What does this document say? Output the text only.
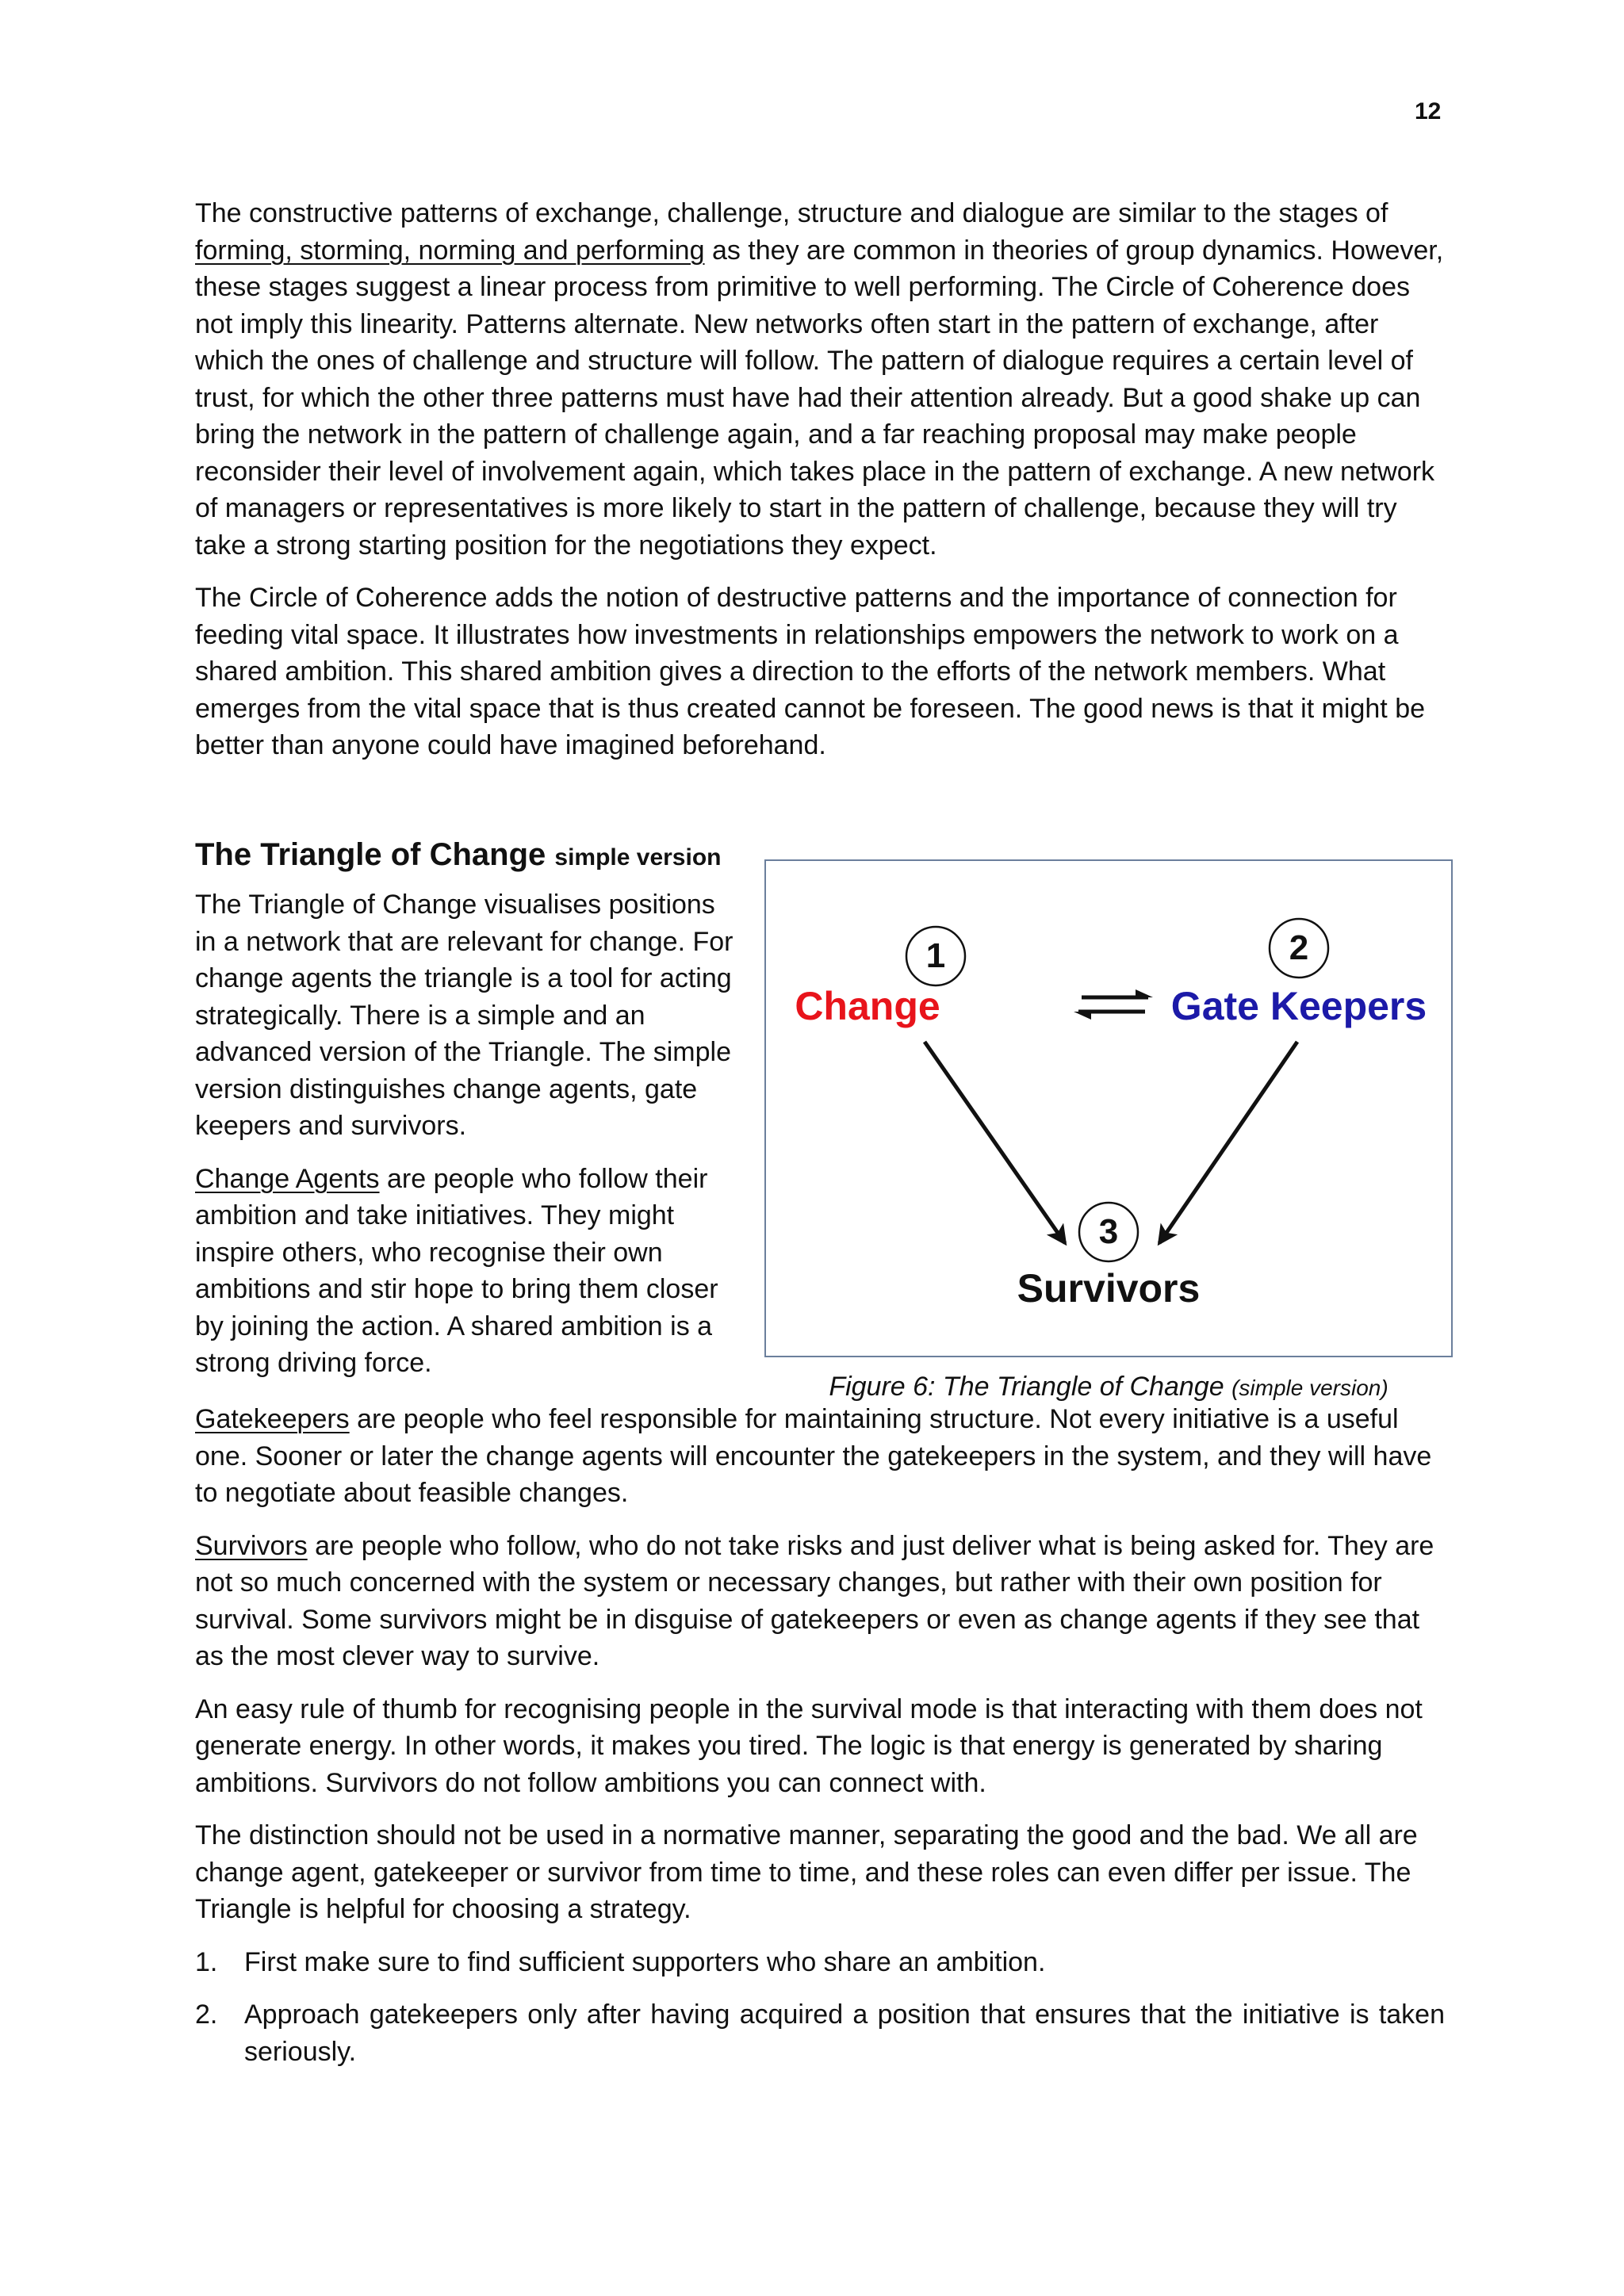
12

The constructive patterns of exchange, challenge, structure and dialogue are similar to the stages of forming, storming, norming and performing as they are common in theories of group dynamics. However, these stages suggest a linear process from primitive to well performing. The Circle of Coherence does not imply this linearity. Patterns alternate. New networks often start in the pattern of exchange, after which the ones of challenge and structure will follow. The pattern of dialogue requires a certain level of trust, for which the other three patterns must have had their attention already. But a good shake up can bring the network in the pattern of challenge again, and a far reaching proposal may make people reconsider their level of involvement again, which takes place in the pattern of exchange. A new network of managers or representatives is more likely to start in the pattern of challenge, because they will try take a strong starting position for the negotiations they expect.

The Circle of Coherence adds the notion of destructive patterns and the importance of connection for feeding vital space. It illustrates how investments in relationships empowers the network to work on a shared ambition. This shared ambition gives a direction to the efforts of the network members. What emerges from the vital space that is thus created cannot be foreseen. The good news is that it might be better than anyone could have imagined beforehand.

The Triangle of Change simple version

The Triangle of Change visualises positions in a network that are relevant for change. For change agents the triangle is a tool for acting strategically. There is a simple and an advanced version of the Triangle. The simple version distinguishes change agents, gate keepers and survivors.

Change Agents are people who follow their ambition and take initiatives. They might inspire others, who recognise their own ambitions and stir hope to bring them closer by joining the action. A shared ambition is a strong driving force.

1	2
3
Change	Gate Keepers
Survivors
Figure 6: The Triangle of Change (simple version)

Gatekeepers are people who feel responsible for maintaining structure. Not every initiative is a useful one. Sooner or later the change agents will encounter the gatekeepers in the system, and they will have to negotiate about feasible changes.

Survivors are people who follow, who do not take risks and just deliver what is being asked for. They are not so much concerned with the system or necessary changes, but rather with their own position for survival. Some survivors might be in disguise of gatekeepers or even as change agents if they see that as the most clever way to survive.

An easy rule of thumb for recognising people in the survival mode is that interacting with them does not generate energy. In other words, it makes you tired. The logic is that energy is generated by sharing ambitions. Survivors do not follow ambitions you can connect with.

The distinction should not be used in a normative manner, separating the good and the bad. We all are change agent, gatekeeper or survivor from time to time, and these roles can even differ per issue. The Triangle is helpful for choosing a strategy.

1. First make sure to find sufficient supporters who share an ambition.
2. Approach gatekeepers only after having acquired a position that ensures that the initiative is taken seriously.
